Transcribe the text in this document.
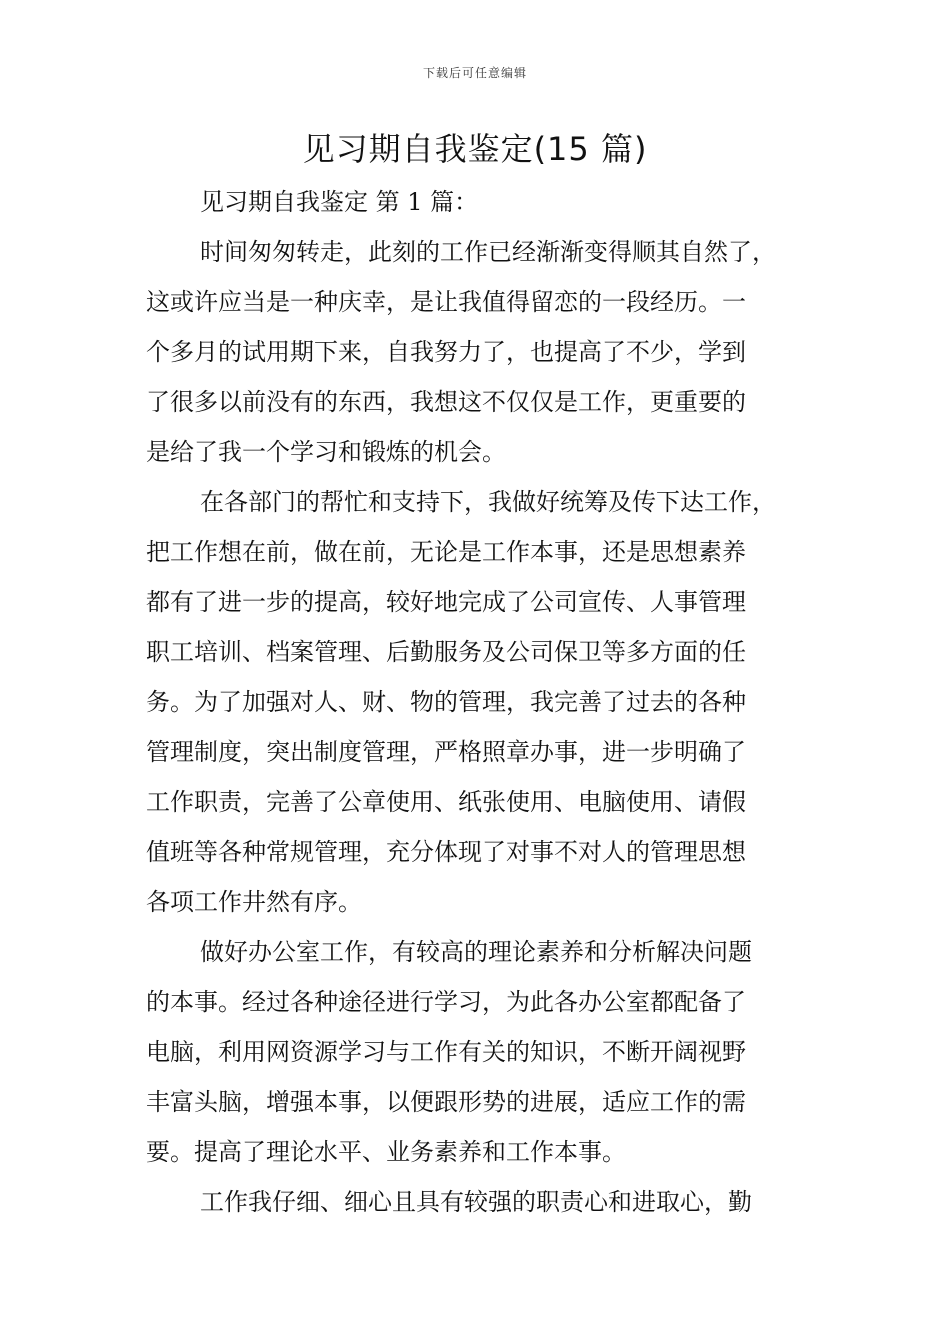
下载后可任意编辑
见习期自我鉴定(15 篇)
见习期自我鉴定 第 1 篇：

时间匆匆转走，此刻的工作已经渐渐变得顺其自然了，
这或许应当是一种庆幸，是让我值得留恋的一段经历。一
个多月的试用期下来，自我努力了，也提高了不少，学到
了很多以前没有的东西，我想这不仅仅是工作，更重要的
是给了我一个学习和锻炼的机会。

在各部门的帮忙和支持下，我做好统筹及传下达工作，
把工作想在前，做在前，无论是工作本事，还是思想素养
都有了进一步的提高，较好地完成了公司宣传、人事管理
职工培训、档案管理、后勤服务及公司保卫等多方面的任
务。为了加强对人、财、物的管理，我完善了过去的各种
管理制度，突出制度管理，严格照章办事，进一步明确了
工作职责，完善了公章使用、纸张使用、电脑使用、请假
值班等各种常规管理，充分体现了对事不对人的管理思想
各项工作井然有序。

做好办公室工作，有较高的理论素养和分析解决问题
的本事。经过各种途径进行学习，为此各办公室都配备了
电脑，利用网资源学习与工作有关的知识，不断开阔视野
丰富头脑，增强本事，以便跟形势的进展，适应工作的需
要。提高了理论水平、业务素养和工作本事。

工作我仔细、细心且具有较强的职责心和进取心，勤
